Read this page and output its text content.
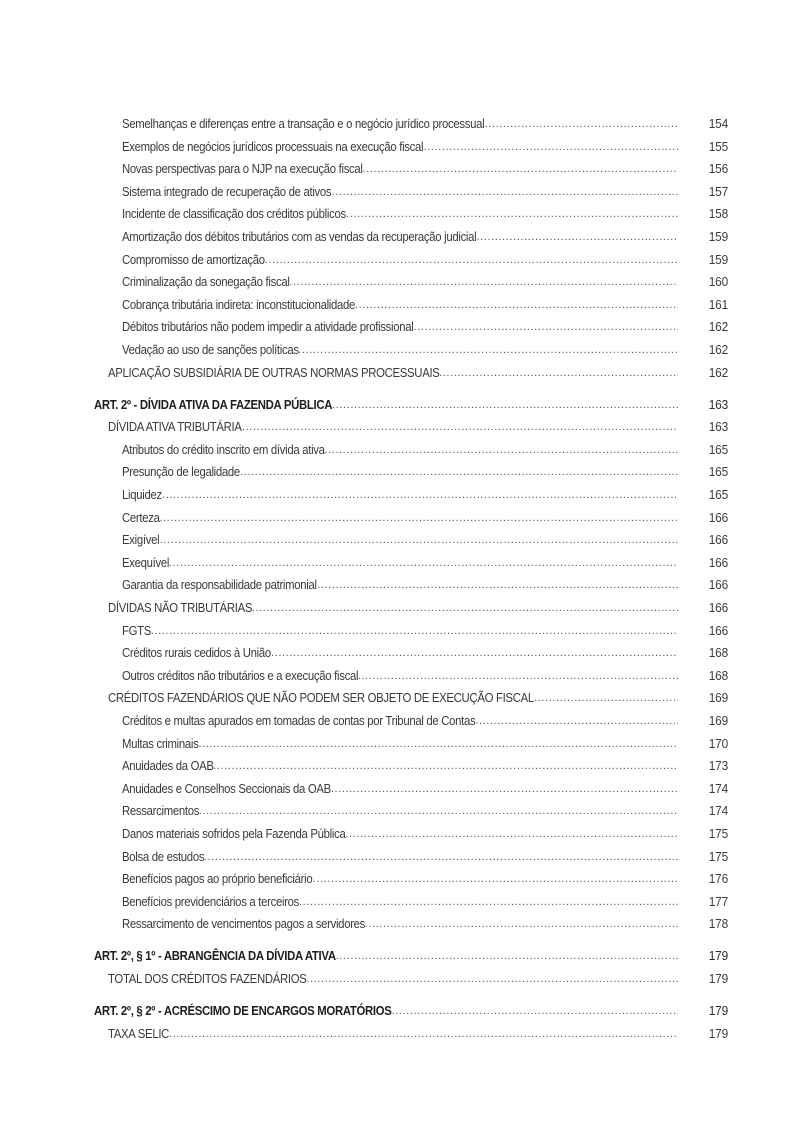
Semelhanças e diferenças entre a transação e o negócio jurídico processual .....	154
Exemplos de negócios jurídicos processuais na execução fiscal .....	155
Novas perspectivas para o NJP na execução fiscal .....	156
Sistema integrado de recuperação de ativos .....	157
Incidente de classificação dos créditos públicos .....	158
Amortização dos débitos tributários com as vendas da recuperação judicial .....	159
Compromisso de amortização .....	159
Criminalização da sonegação fiscal .....	160
Cobrança tributária indireta: inconstitucionalidade .....	161
Débitos tributários não podem impedir a atividade profissional .....	162
Vedação ao uso de sanções políticas .....	162
APLICAÇÃO SUBSIDIÁRIA DE OUTRAS NORMAS PROCESSUAIS .....	162
ART. 2º - DÍVIDA ATIVA DA FAZENDA PÚBLICA .....	163
DÍVIDA ATIVA TRIBUTÁRIA .....	163
Atributos do crédito inscrito em dívida ativa .....	165
Presunção de legalidade .....	165
Liquidez .....	165
Certeza .....	166
Exigível .....	166
Exequível .....	166
Garantia da responsabilidade patrimonial .....	166
DÍVIDAS NÃO TRIBUTÁRIAS .....	166
FGTS .....	166
Créditos rurais cedidos à União .....	168
Outros créditos não tributários e a execução fiscal .....	168
CRÉDITOS FAZENDÁRIOS QUE NÃO PODEM SER OBJETO DE EXECUÇÃO FISCAL .....	169
Créditos e multas apurados em tomadas de contas por Tribunal de Contas .....	169
Multas criminais .....	170
Anuidades da OAB .....	173
Anuidades e Conselhos Seccionais da OAB .....	174
Ressarcimentos .....	174
Danos materiais sofridos pela Fazenda Pública .....	175
Bolsa de estudos .....	175
Benefícios pagos ao próprio beneficiário .....	176
Benefícios previdenciários a terceiros .....	177
Ressarcimento de vencimentos pagos a servidores .....	178
ART. 2º, § 1º - ABRANGÊNCIA DA DÍVIDA ATIVA .....	179
TOTAL DOS CRÉDITOS FAZENDÁRIOS .....	179
ART. 2º, § 2º - ACRÉSCIMO DE ENCARGOS MORATÓRIOS .....	179
TAXA SELIC .....	179
